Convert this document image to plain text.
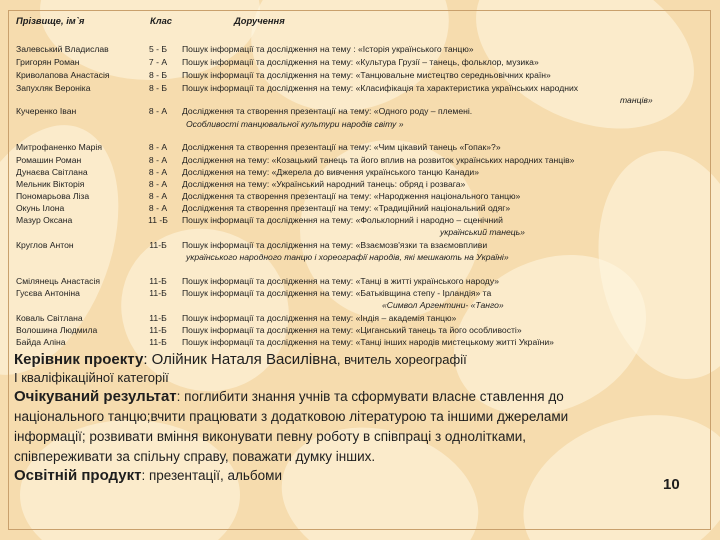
Прізвище, ім`я	Клас	Доручення
Залевський Владислав	5 - Б	Пошук інформації та дослідження на тему : «Історія українського танцю»
Григорян Роман	7 - А	Пошук інформації та дослідження на тему: «Культура Грузії – танець, фольклор, музика»
Криволапова Анастасія	8 - Б	Пошук інформації та дослідження на тему: «Танцювальне мистецтво середньовічних країн»
Запухляк Вероніка	8 - Б	Пошук інформації та дослідження на тему: «Класифікація та характеристика українських народних
танців»
Кучеренко Іван	8 - А	Дослідження та створення презентації на тему: «Одного роду – племені.
Особливості танцювальної культури народів світу »
Митрофаненко Марія	8 - А	Дослідження та створення презентації на тему: «Чим цікавий танець «Гопак»?»
Ромашин Роман	8 - А	Дослідження на тему: «Козацький танець та його вплив на розвиток українських народних танців»
Дунаєва Світлана	8 - А	Дослідження на тему: «Джерела до вивчення українського танцю Канади»
Мельник Вікторія	8 - А	Дослідження на тему: «Український народний танець: обряд і розвага»
Пономарьова Ліза	8 - А	Дослідження та створення презентації на тему: «Народження національного танцю»
Окунь Ілона	8 - А	Дослідження та створення презентації на тему: «Традиційний національний одяг»
Мазур Оксана	11 -Б	Пошук інформації та дослідження на тему: «Фольклорний і народно – сценічний
український танець»
Круглов Антон	11-Б	Пошук інформації та дослідження на тему: «Взаємозв'язки та взаємовпливи
українського народного танцю і хореографії народів, які мешкають на Україні»
Смілянець Анастасія	11-Б	Пошук інформації та дослідження на тему: «Танці в житті українського народу»
Гусєва Антоніна	11-Б	Пошук інформації та дослідження на тему: «Батьківщина степу - Ірландія» та
«Символ Аргентини- «Танго»
Коваль Світлана	11-Б	Пошук інформації та дослідження на тему: «Індія – академія танцю»
Волошина Людмила	11-Б	Пошук інформації та дослідження на тему: «Циганський танець та його особливості»
Байда Аліна	11-Б	Пошук інформації та дослідження на тему: «Танці інших народів мистецькому житті України»
Керівник проекту: Олійник Наталя Василівна, вчитель хореографії
І кваліфікаційної категорії
Очікуваний результат: поглибити знання учнів та сформувати власне ставлення до
національного танцю;вчити працювати з додатковою літературою та іншими джерелами
інформації; розвивати вміння виконувати певну роботу в співпраці з однолітками,
співпереживати за спільну справу, поважати думку інших.
Освітній продукт: презентації, альбоми
10
